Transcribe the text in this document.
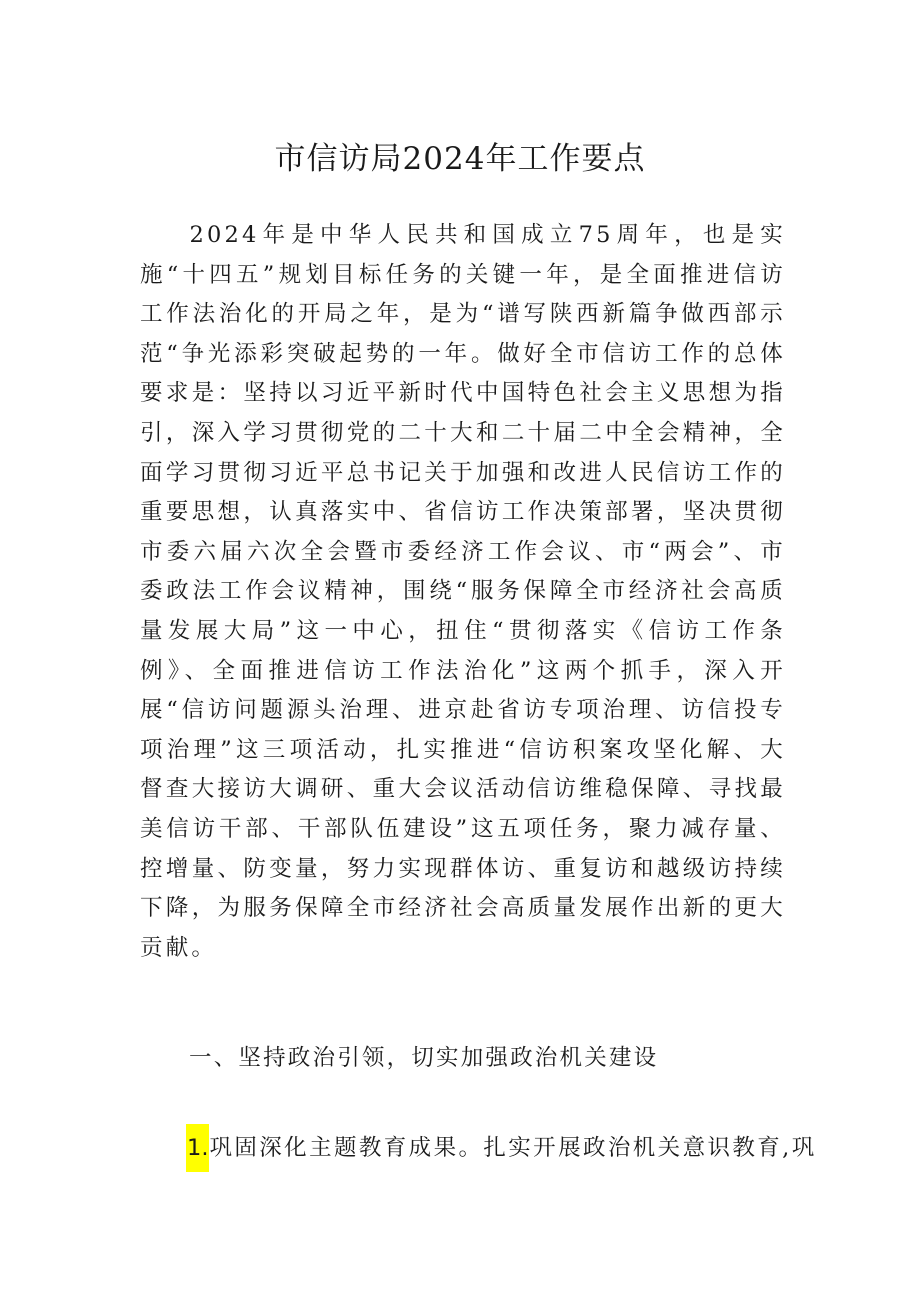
市信访局2024年工作要点

2024年是中华人民共和国成立75周年，也是实施“十四五”规划目标任务的关键一年，是全面推进信访工作法治化的开局之年，是为“谱写陕西新篇争做西部示范“争光添彩突破起势的一年。做好全市信访工作的总体要求是：坚持以习近平新时代中国特色社会主义思想为指引，深入学习贯彻党的二十大和二十届二中全会精神，全面学习贯彻习近平总书记关于加强和改进人民信访工作的重要思想，认真落实中、省信访工作决策部署，坚决贯彻市委六届六次全会暨市委经济工作会议、市“两会”、市委政法工作会议精神，围绕“服务保障全市经济社会高质量发展大局”这一中心，扭住“贯彻落实《信访工作条例》、全面推进信访工作法治化”这两个抓手，深入开展“信访问题源头治理、进京赴省访专项治理、访信投专项治理”这三项活动，扎实推进“信访积案攻坚化解、大督查大接访大调研、重大会议活动信访维稳保障、寻找最美信访干部、干部队伍建设”这五项任务，聚力减存量、控增量、防变量，努力实现群体访、重复访和越级访持续下降，为服务保障全市经济社会高质量发展作出新的更大贡献。

一、坚持政治引领，切实加强政治机关建设

1.巩固深化主题教育成果。扎实开展政治机关意识教育,巩
